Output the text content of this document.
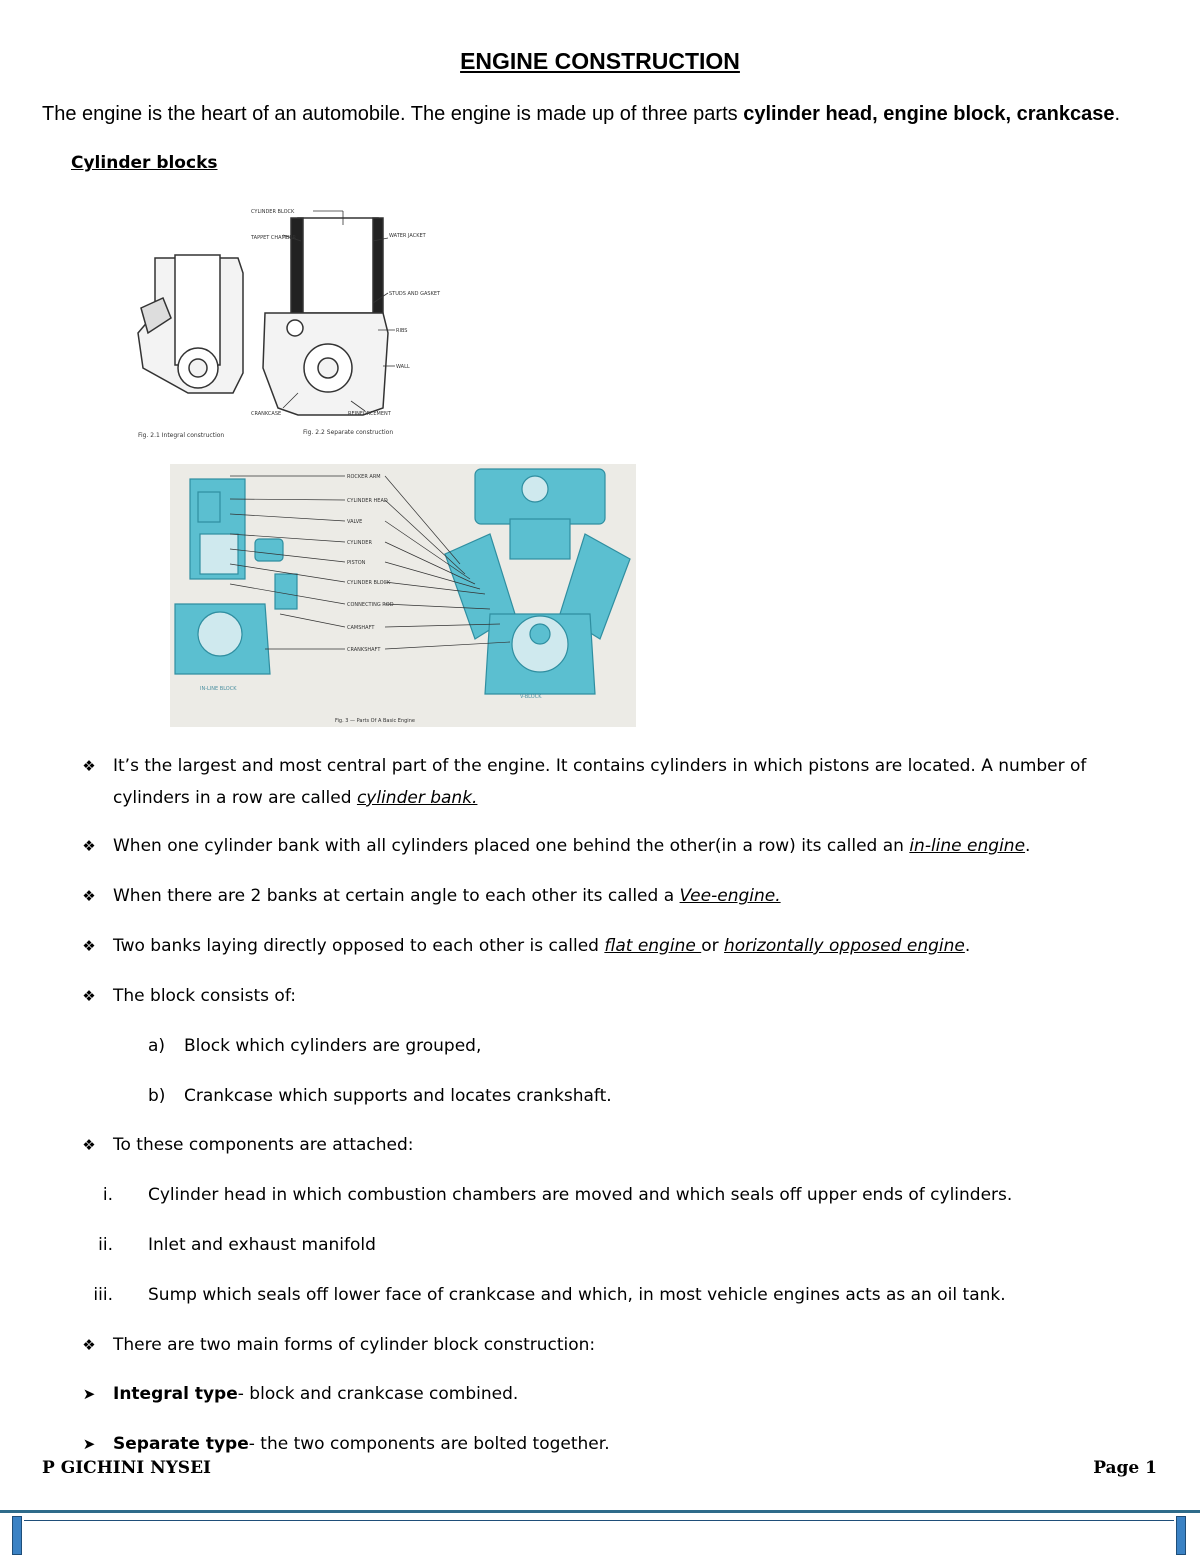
ENGINE CONSTRUCTION
The engine is the heart of an automobile. The engine is made up of three parts cylinder head, engine block, crankcase.
Cylinder blocks
CYLINDER BLOCK
TAPPET CHAMBER	WATER JACKET
STUDS AND GASKET
RIBS
WALL
CRANKCASE	REINFORCEMENT
Fig. 2.1 Integral construction	Fig. 2.2 Separate construction
ROCKER ARM
CYLINDER HEAD
VALVE
CYLINDER
PISTON
CYLINDER BLOCK
CONNECTING ROD
CAMSHAFT
CRANKSHAFT
IN-LINE BLOCK
V-BLOCK
Fig. 3 — Parts Of A Basic Engine
❖ It’s the largest and most central part of the engine. It contains cylinders in which pistons are located. A number of cylinders in a row are called cylinder bank.
❖ When one cylinder bank with all cylinders placed one behind the other(in a row) its called an in-line engine.
❖ When there are 2 banks at certain angle to each other its called a Vee-engine.
❖ Two banks laying directly opposed to each other is called flat engine or horizontally opposed engine.
❖ The block consists of:
a) Block which cylinders are grouped,
b) Crankcase which supports and locates crankshaft.
❖ To these components are attached:
i. Cylinder head in which combustion chambers are moved and which seals off upper ends of cylinders.
ii. Inlet and exhaust manifold
iii. Sump which seals off lower face of crankcase and which, in most vehicle engines acts as an oil tank.
❖ There are two main forms of cylinder block construction:
➤ Integral type- block and crankcase combined.
➤ Separate type- the two components are bolted together.
P GICHINI NYSEI	Page 1
